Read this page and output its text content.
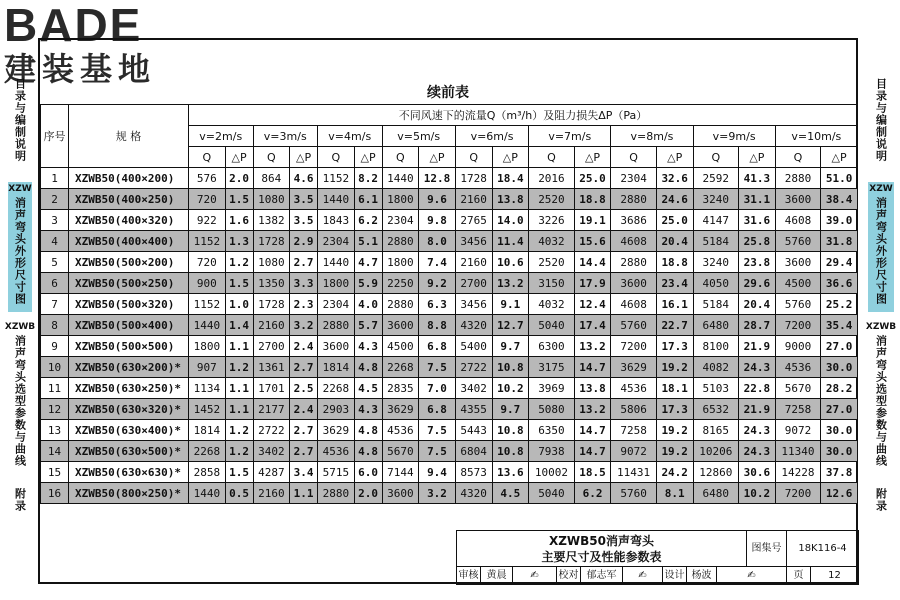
BADE
建装基地
目录与编制说明
XZW
消声弯头外形尺寸图
XZWB
消声弯头选型参数与曲线
附录
目录与编制说明
XZW
消声弯头外形尺寸图
XZWB
消声弯头选型参数与曲线
附录
续前表
序号	规 格	不同风速下的流量Q（m³/h）及阻力损失ΔP（Pa）																	
		v=2m/s		v=3m/s		v=4m/s		v=5m/s		v=6m/s		v=7m/s		v=8m/s		v=9m/s		v=10m/s	
		Q	△P	Q	△P	Q	△P	Q	△P	Q	△P	Q	△P	Q	△P	Q	△P	Q	△P
1	XZWB50(400×200)	576	2.0	864	4.6	1152	8.2	1440	12.8	1728	18.4	2016	25.0	2304	32.6	2592	41.3	2880	51.0
2	XZWB50(400×250)	720	1.5	1080	3.5	1440	6.1	1800	9.6	2160	13.8	2520	18.8	2880	24.6	3240	31.1	3600	38.4
3	XZWB50(400×320)	922	1.6	1382	3.5	1843	6.2	2304	9.8	2765	14.0	3226	19.1	3686	25.0	4147	31.6	4608	39.0
4	XZWB50(400×400)	1152	1.3	1728	2.9	2304	5.1	2880	8.0	3456	11.4	4032	15.6	4608	20.4	5184	25.8	5760	31.8
5	XZWB50(500×200)	720	1.2	1080	2.7	1440	4.7	1800	7.4	2160	10.6	2520	14.4	2880	18.8	3240	23.8	3600	29.4
6	XZWB50(500×250)	900	1.5	1350	3.3	1800	5.9	2250	9.2	2700	13.2	3150	17.9	3600	23.4	4050	29.6	4500	36.6
7	XZWB50(500×320)	1152	1.0	1728	2.3	2304	4.0	2880	6.3	3456	9.1	4032	12.4	4608	16.1	5184	20.4	5760	25.2
8	XZWB50(500×400)	1440	1.4	2160	3.2	2880	5.7	3600	8.8	4320	12.7	5040	17.4	5760	22.7	6480	28.7	7200	35.4
9	XZWB50(500×500)	1800	1.1	2700	2.4	3600	4.3	4500	6.8	5400	9.7	6300	13.2	7200	17.3	8100	21.9	9000	27.0
10	XZWB50(630×200)*	907	1.2	1361	2.7	1814	4.8	2268	7.5	2722	10.8	3175	14.7	3629	19.2	4082	24.3	4536	30.0
11	XZWB50(630×250)*	1134	1.1	1701	2.5	2268	4.5	2835	7.0	3402	10.2	3969	13.8	4536	18.1	5103	22.8	5670	28.2
12	XZWB50(630×320)*	1452	1.1	2177	2.4	2903	4.3	3629	6.8	4355	9.7	5080	13.2	5806	17.3	6532	21.9	7258	27.0
13	XZWB50(630×400)*	1814	1.2	2722	2.7	3629	4.8	4536	7.5	5443	10.8	6350	14.7	7258	19.2	8165	24.3	9072	30.0
14	XZWB50(630×500)*	2268	1.2	3402	2.7	4536	4.8	5670	7.5	6804	10.8	7938	14.7	9072	19.2	10206	24.3	11340	30.0
15	XZWB50(630×630)*	2858	1.5	4287	3.4	5715	6.0	7144	9.4	8573	13.6	10002	18.5	11431	24.2	12860	30.6	14228	37.8
16	XZWB50(800×250)*	1440	0.5	2160	1.1	2880	2.0	3600	3.2	4320	4.5	5040	6.2	5760	8.1	6480	10.2	7200	12.6
XZWB50消声弯头
主要尺寸及性能参数表
图集号	18K116-4
审核 黄晨	✍	校对 郁志军	✍	设计 杨波	✍	页	12
